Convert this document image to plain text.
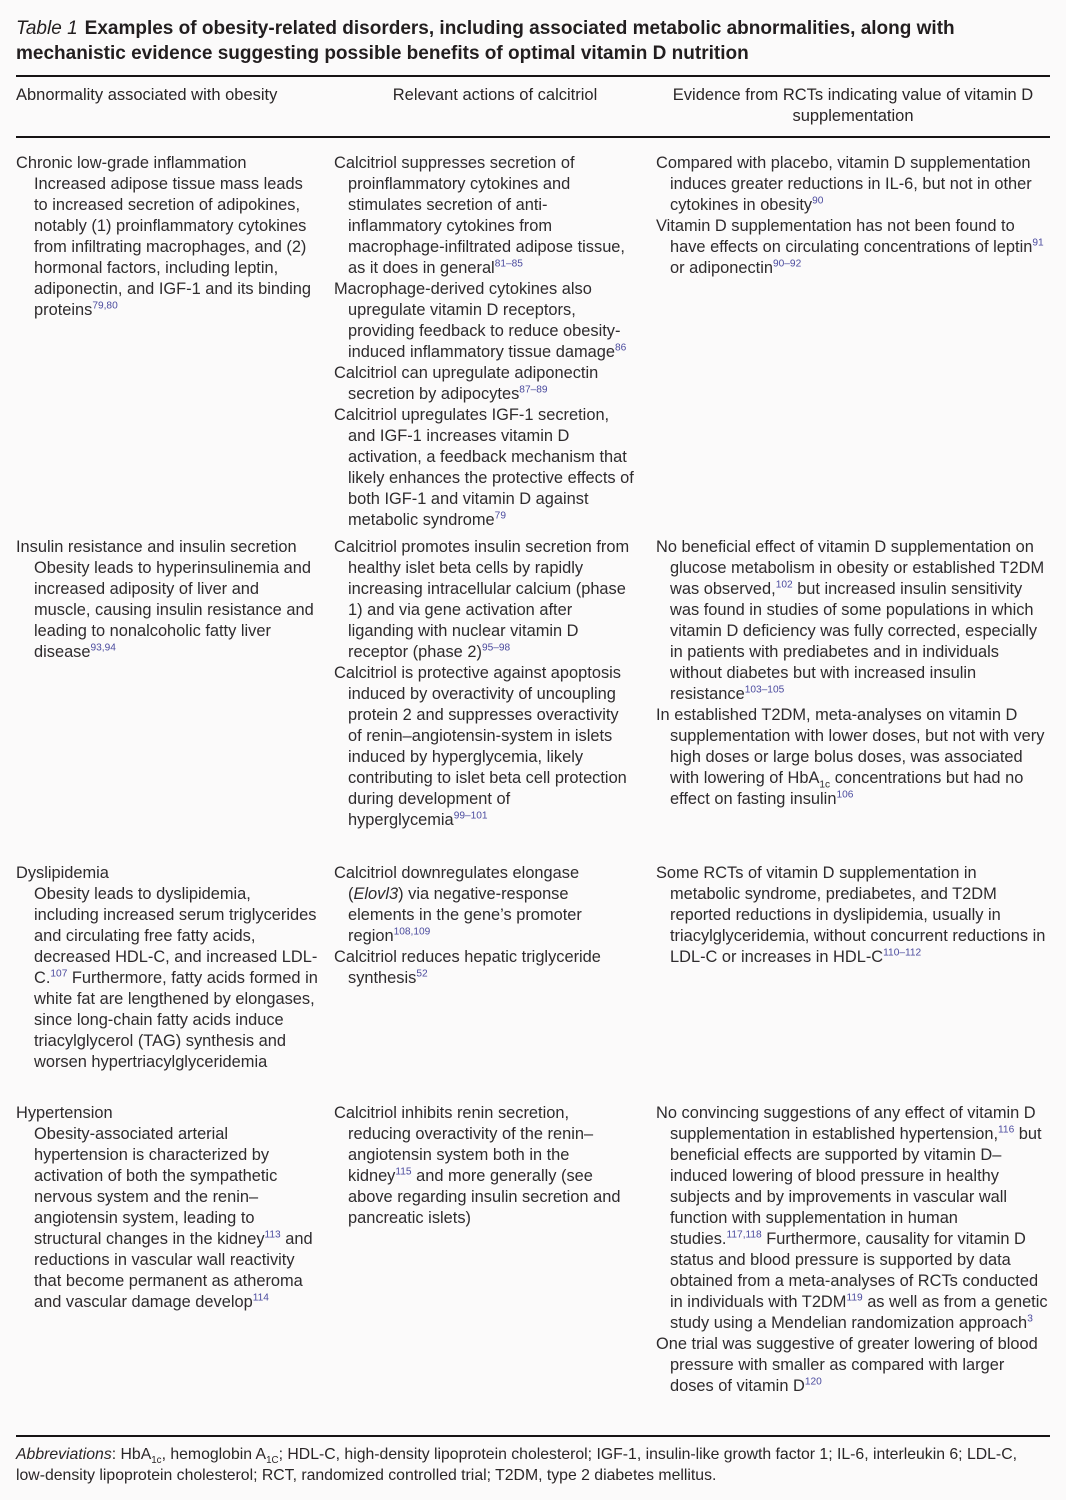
Table 1 Examples of obesity-related disorders, including associated metabolic abnormalities, along with mechanistic evidence suggesting possible benefits of optimal vitamin D nutrition
Abnormality associated with obesity	Relevant actions of calcitriol	Evidence from RCTs indicating value of vitamin D supplementation

Chronic low-grade inflammation

Increased adipose tissue mass leads to increased secretion of adipokines, notably (1) proinflammatory cytokines from infiltrating macrophages, and (2) hormonal factors, including leptin, adiponectin, and IGF-1 and its binding proteins$^{79,80}$

Calcitriol suppresses secretion of proinflammatory cytokines and stimulates secretion of anti-inflammatory cytokines from macrophage-infiltrated adipose tissue, as it does in general$^{81-85}$

Macrophage-derived cytokines also upregulate vitamin D receptors, providing feedback to reduce obesity-induced inflammatory tissue damage$^{86}$

Calcitriol can upregulate adiponectin secretion by adipocytes$^{87-89}$

Calcitriol upregulates IGF-1 secretion, and IGF-1 increases vitamin D activation, a feedback mechanism that likely enhances the protective effects of both IGF-1 and vitamin D against metabolic syndrome$^{79}$

Compared with placebo, vitamin D supplementation induces greater reductions in IL-6, but not in other cytokines in obesity$^{90}$

Vitamin D supplementation has not been found to have effects on circulating concentrations of leptin$^{91}$ or adiponectin$^{90-92}$

Insulin resistance and insulin secretion

Obesity leads to hyperinsulinemia and increased adiposity of liver and muscle, causing insulin resistance and leading to nonalcoholic fatty liver disease$^{93,94}$

Calcitriol promotes insulin secretion from healthy islet beta cells by rapidly increasing intracellular calcium (phase 1) and via gene activation after liganding with nuclear vitamin D receptor (phase 2)$^{95-98}$

Calcitriol is protective against apoptosis induced by overactivity of uncoupling protein 2 and suppresses overactivity of renin–angiotensin-system in islets induced by hyperglycemia, likely contributing to islet beta cell protection during development of hyperglycemia$^{99-101}$

No beneficial effect of vitamin D supplementation on glucose metabolism in obesity or established T2DM was observed,$^{102}$ but increased insulin sensitivity was found in studies of some populations in which vitamin D deficiency was fully corrected, especially in patients with prediabetes and in individuals without diabetes but with increased insulin resistance$^{103-105}$

In established T2DM, meta-analyses on vitamin D supplementation with lower doses, but not with very high doses or large bolus doses, was associated with lowering of HbA$_{1c}$ concentrations but had no effect on fasting insulin$^{106}$

Dyslipidemia

Obesity leads to dyslipidemia, including increased serum triglycerides and circulating free fatty acids, decreased HDL-C, and increased LDL-C.$^{107}$ Furthermore, fatty acids formed in white fat are lengthened by elongases, since long-chain fatty acids induce triacylglycerol (TAG) synthesis and worsen hypertriacylglyceridemia

Calcitriol downregulates elongase (Elovl3) via negative-response elements in the gene’s promoter region$^{108,109}$

Calcitriol reduces hepatic triglyceride synthesis$^{52}$

Some RCTs of vitamin D supplementation in metabolic syndrome, prediabetes, and T2DM reported reductions in dyslipidemia, usually in triacylglyceridemia, without concurrent reductions in LDL-C or increases in HDL-$C^{110-112}$

Hypertension

Obesity-associated arterial hypertension is characterized by activation of both the sympathetic nervous system and the renin–angiotensin system, leading to structural changes in the kidney$^{113}$ and reductions in vascular wall reactivity that become permanent as atheroma and vascular damage develop$^{114}$

Calcitriol inhibits renin secretion, reducing overactivity of the renin–angiotensin system both in the kidney$^{115}$ and more generally (see above regarding insulin secretion and pancreatic islets)

No convincing suggestions of any effect of vitamin D supplementation in established hypertension,$^{116}$ but beneficial effects are supported by vitamin D–induced lowering of blood pressure in healthy subjects and by improvements in vascular wall function with supplementation in human studies.$^{117,118}$ Furthermore, causality for vitamin D status and blood pressure is supported by data obtained from a meta-analyses of RCTs conducted in individuals with T2DM$^{119}$ as well as from a genetic study using a Mendelian randomization approach$^3$

One trial was suggestive of greater lowering of blood pressure with smaller as compared with larger doses of vitamin $D^{120}$

Abbreviations: HbA$_{1c}$, hemoglobin $A_{1C}$; HDL-C, high-density lipoprotein cholesterol; IGF-1, insulin-like growth factor 1; IL-6, interleukin 6; LDL-C, low-density lipoprotein cholesterol; RCT, randomized controlled trial; T2DM, type 2 diabetes mellitus.
